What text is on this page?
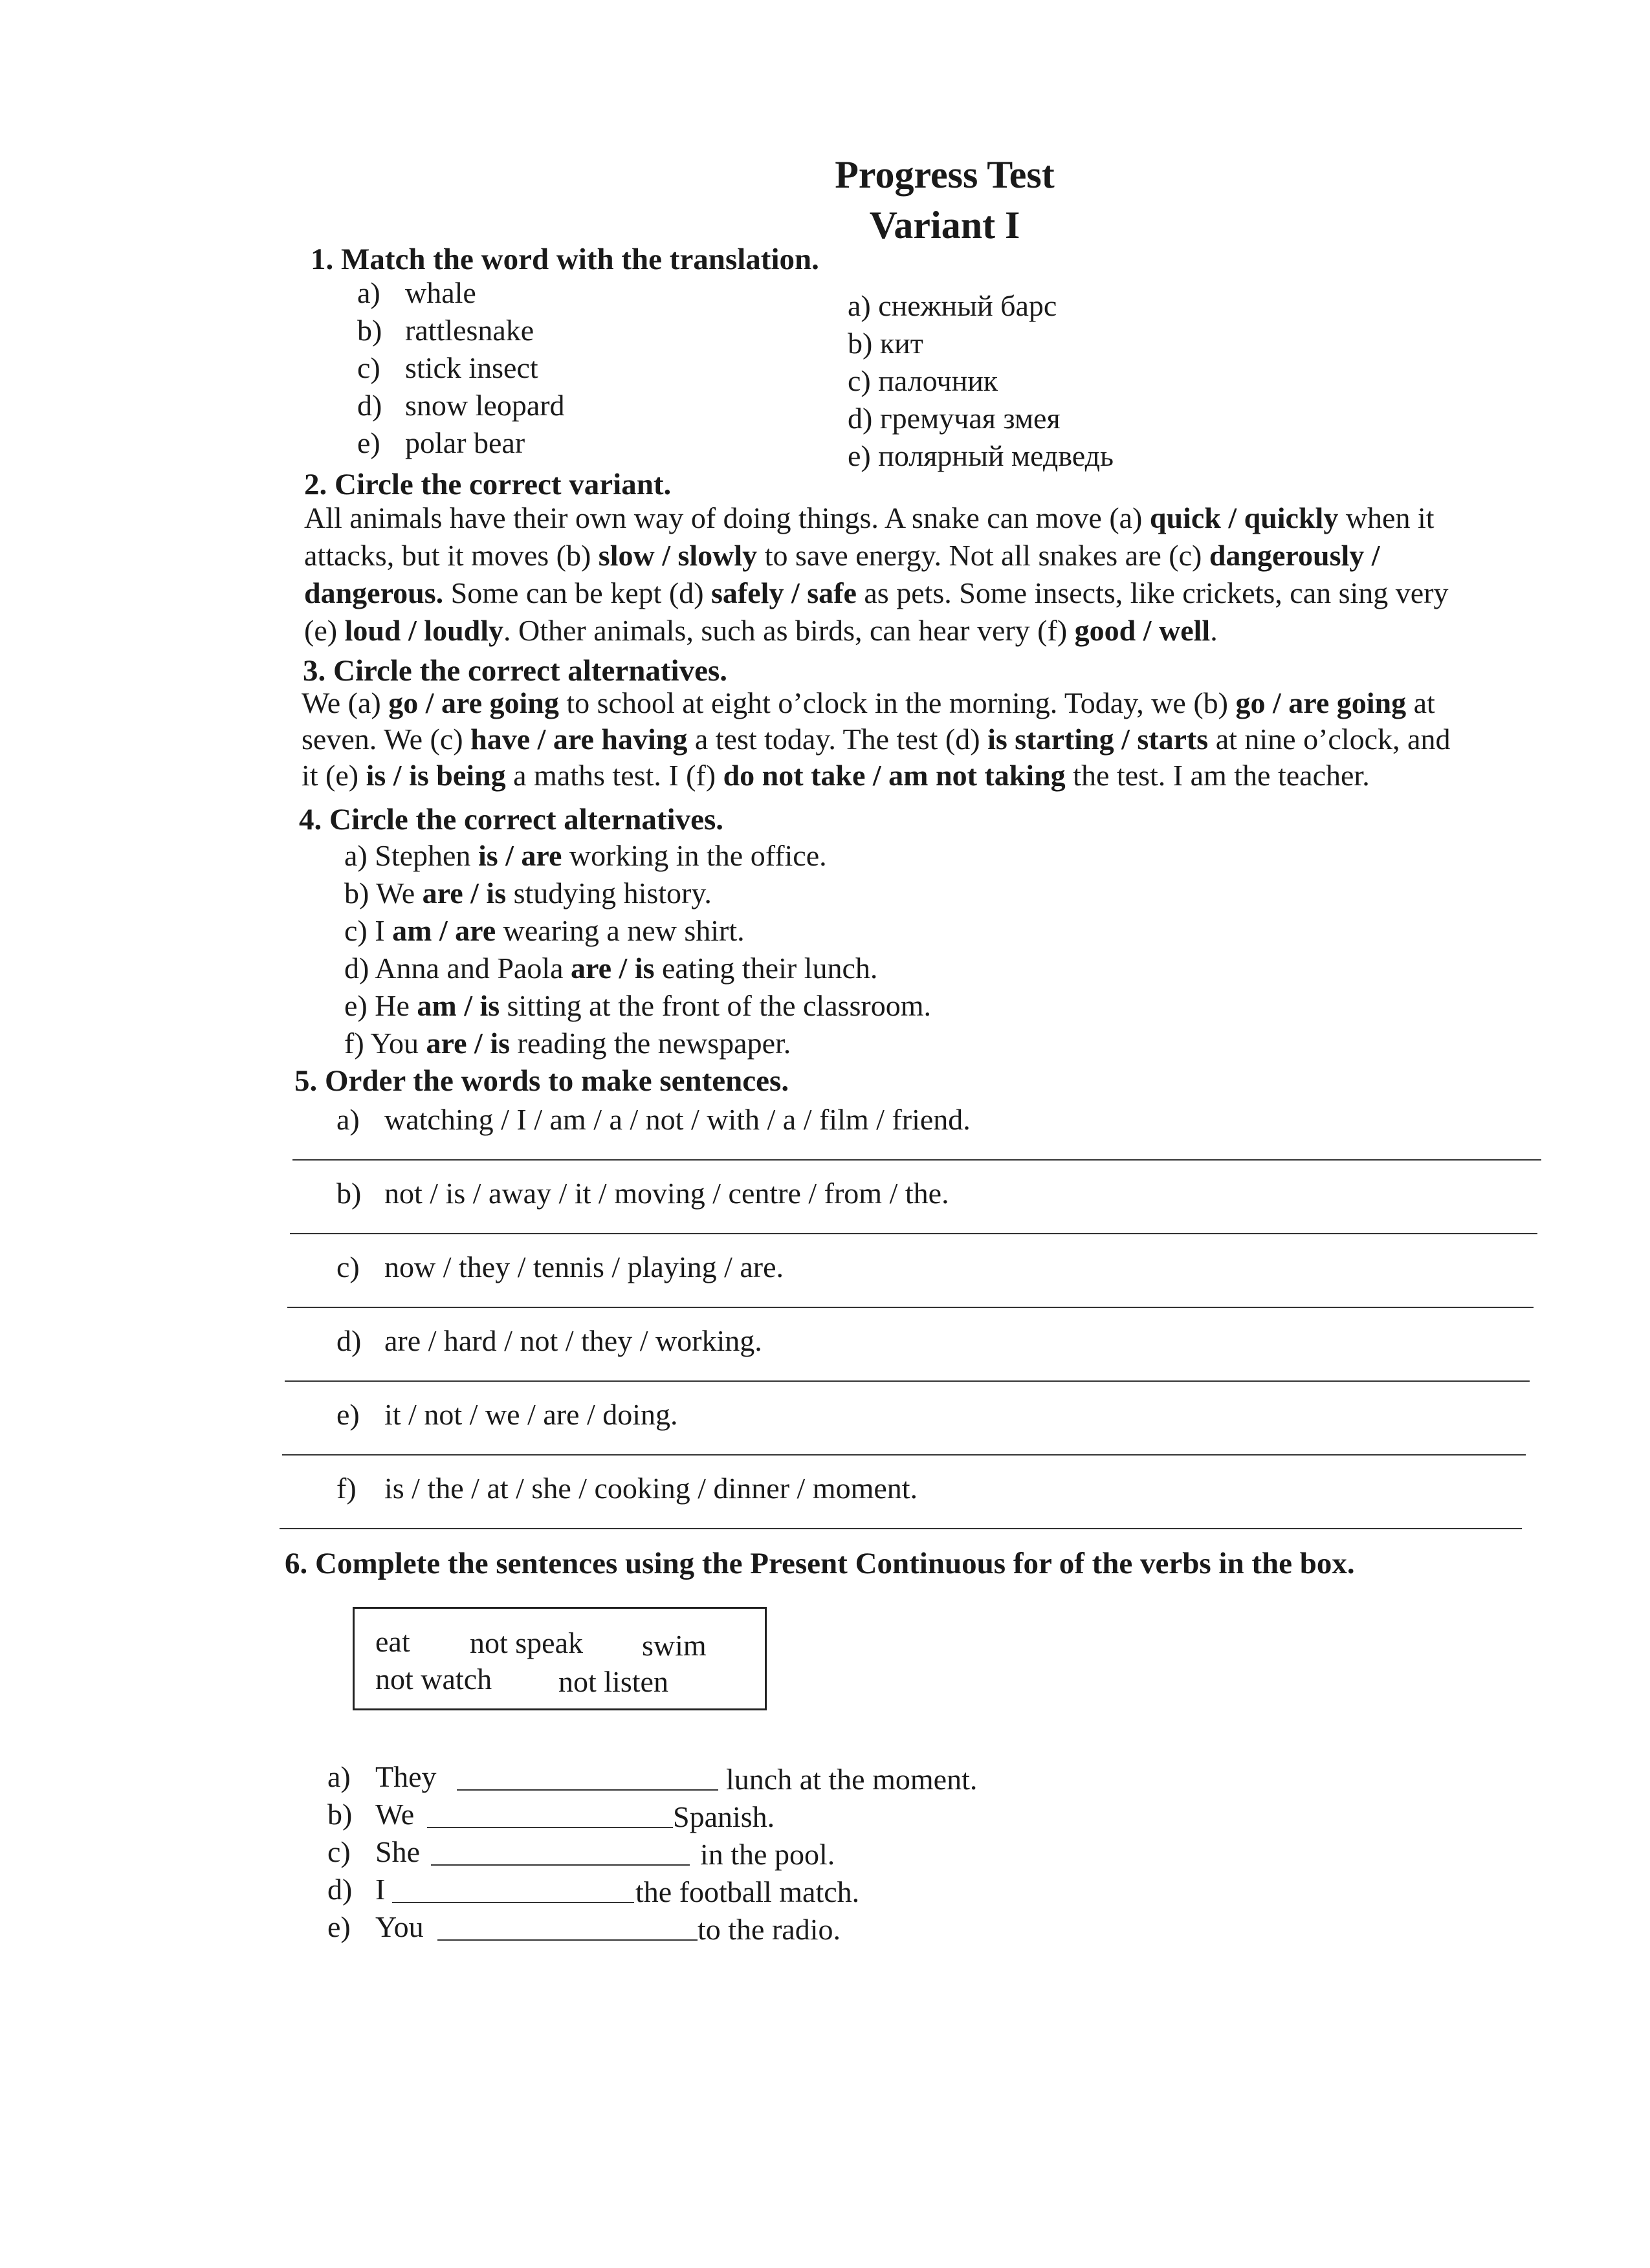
Progress Test
Variant I
1. Match the word with the translation.
a) whale
b) rattlesnake
c) stick insect
d) snow leopard
e) polar bear
a) снежный барс
b) кит
c) палочник
d) гремучая змея
e) полярный медведь
2. Circle the correct variant.
All animals have their own way of doing things. A snake can move (a) quick / quickly when it
attacks, but it moves (b) slow / slowly to save energy. Not all snakes are (c) dangerously /
dangerous. Some can be kept (d) safely / safe as pets. Some insects, like crickets, can sing very
(e) loud / loudly. Other animals, such as birds, can hear very (f) good / well.
3. Circle the correct alternatives.
We (a) go / are going to school at eight o’clock in the morning. Today, we (b) go / are going at
seven. We (c) have / are having a test today. The test (d) is starting / starts at nine o’clock, and
it (e) is / is being a maths test. I (f) do not take / am not taking the test. I am the teacher.
4. Circle the correct alternatives.
a) Stephen is / are working in the office.
b) We are / is studying history.
c) I am / are wearing a new shirt.
d) Anna and Paola are / is eating their lunch.
e) He am / is sitting at the front of the classroom.
f) You are / is reading the newspaper.
5. Order the words to make sentences.
a) watching / I / am / a / not / with / a / film / friend.
b) not / is / away / it / moving / centre / from / the.
c) now / they / tennis / playing / are.
d) are / hard / not / they / working.
e) it / not / we / are / doing.
f) is / the / at / she / cooking / dinner / moment.
6. Complete the sentences using the Present Continuous for of the verbs in the box.
eat not speak swim
not watch not listen
a) They	lunch at the moment.
b) We	Spanish.
c) She	in the pool.
d) I	the football match.
e) You	to the radio.
